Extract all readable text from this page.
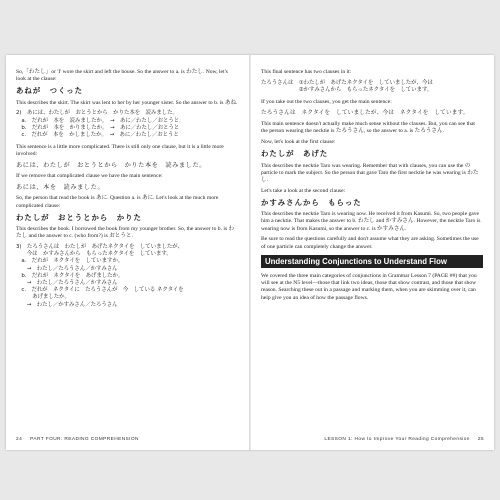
So,「わたし」or 'I' wore the skirt and left the house. So the answer to a. is わたし. Now, let's look at the clause:

あねが　つくった

This describes the skirt. The skirt was lent to her by her younger sister. So the answer to b. is あね.

2)　あには、わたしが　おとうとから　かりた本を　読みました。
　a.　だれが　本を　読みましたか。　→　あに／わたし／おとうと
　b.　だれが　本を　かりましたか。　→　あに／わたし／おとうと
　c.　だれが　本を　かしましたか。　→　あに／わたし／おとうと

This sentence is a little more complicated. There is still only one clause, but it is a little more involved:

あには、わたしが　おとうとから　かりた本を　読みました。

If we remove that complicated clause we have the main sentence:

あには、本を　読みました。

So, the person that read the book is あに. Question a. is あに. Let's look at the much more complicated clause:

わたしが　おとうとから　かりた

This describes the book. I borrowed the book from my younger brother. So, the answer to b. is わたし and the answer to c. (who from?) is おとうと.

3)　たろうさんは　わたしが　あげたネクタイを　していましたが、
　　今は　かすみさんから　もらったネクタイを　しています。
　a.　だれが　ネクタイを　していますか。
　　→　わたし／たろうさん／かすみさん
　b.　だれが　ネクタイを　あげましたか。
　　→　わたし／たろうさん／かすみさん
　c.　だれが　ネクタイに　たろうさんが　今　している ネクタイを
　　　あげましたか。
　　→　わたし／かすみさん／たろうさん

This final sentence has two clauses in it:

たろうさんは　①わたしが　あげたネクタイを　していましたが、今は
　　　　　　　②かすみさんから　もらったネクタイを　しています。

If you take out the two clauses, you get the main sentence:

たろうさんは　ネクタイを　していましたが、今は　ネクタイを　しています。

This main sentence doesn't actually make much sense without the clauses. But, you can see that the person wearing the necktie is たろうさん, so the answer to a. is たろうさん.

Now, let's look at the first clause:

わたしが　あげた

This describes the necktie Taro was wearing. Remember that with clauses, you can use the の particle to mark the subject. So the person that gave Taro the first necktie he was wearing is わたし.

Let's take a look at the second clause:

かすみさんから　もらった

This describes the necktie Taro is wearing now. He received it from Kasumi. So, two people gave him a necktie. That makes the answer to b. わたし and かすみさん. However, the necktie Taro is wearing now is from Kasumi, so the answer to c. is かすみさん.

Be sure to read the questions carefully and don't assume what they are asking. Sometimes the use of one particle can completely change the answer.

Understanding Conjunctions to Understand Flow

We covered the three main categories of conjunctions in Grammar Lesson 7 (PAGE ##) that you will see at the N5 level—those that link two ideas, those that show contrast, and those that show reason. Searching these out in a passage and marking them, when you are skimming over it, can help give you an idea of how the passage flows.

24 PART FOUR: READING COMPREHENSION	LESSON 1: How to Improve Your Reading Comprehension 25
